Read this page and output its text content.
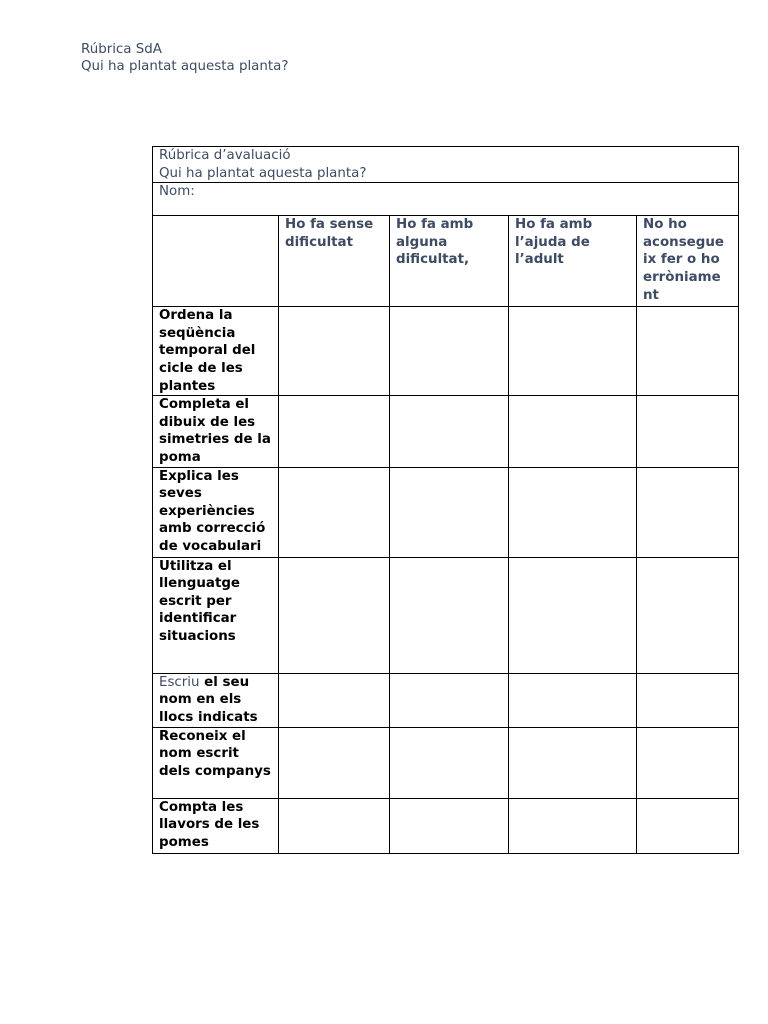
Rúbrica SdA
Qui ha plantat aquesta planta?
Rúbrica d’avaluació
Qui ha plantat aquesta planta?				

Nom:				
	Ho fa sense dificultat	Ho fa amb alguna dificultat,	Ho fa amb l’ajuda de l’adult	No ho aconsegue ix fer o ho erròniame nt
Ordena la seqüència temporal del cicle de les plantes				
Completa el dibuix de les simetries de la poma				
Explica les seves experiències amb correcció de vocabulari				
Utilitza el llenguatge escrit per identificar situacions				
Escriu el seu nom en els llocs indicats				
Reconeix el nom escrit dels companys				
Compta les llavors de les pomes				
